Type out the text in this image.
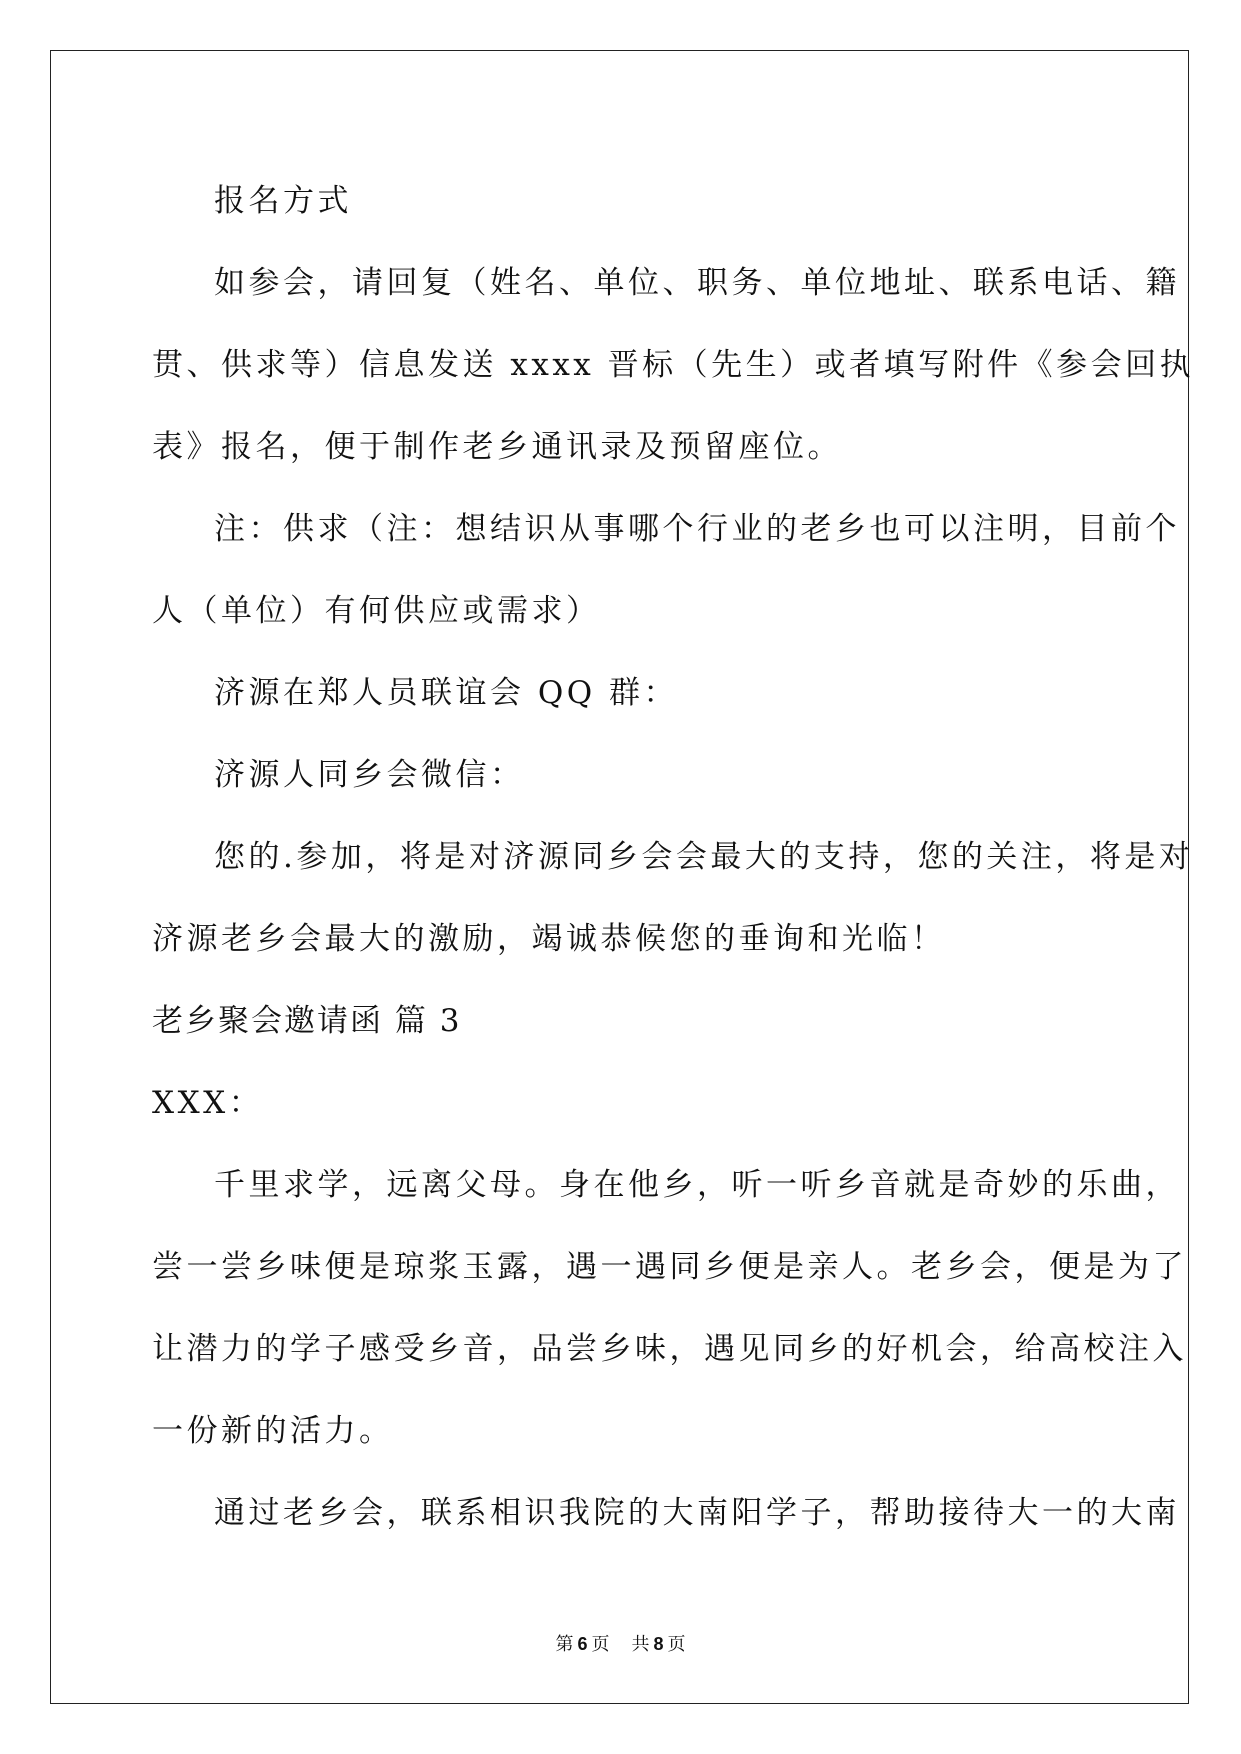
报名方式
如参会，请回复（姓名、单位、职务、单位地址、联系电话、籍
贯、供求等）信息发送 xxxx 晋标（先生）或者填写附件《参会回执
表》报名，便于制作老乡通讯录及预留座位。
注：供求（注：想结识从事哪个行业的老乡也可以注明，目前个
人（单位）有何供应或需求）
济源在郑人员联谊会 QQ 群：
济源人同乡会微信：
您的.参加，将是对济源同乡会会最大的支持，您的关注，将是对
济源老乡会最大的激励，竭诚恭候您的垂询和光临！
老乡聚会邀请函 篇 3
XXX：
千里求学，远离父母。身在他乡，听一听乡音就是奇妙的乐曲，
尝一尝乡味便是琼浆玉露，遇一遇同乡便是亲人。老乡会，便是为了
让潜力的学子感受乡音，品尝乡味，遇见同乡的好机会，给高校注入
一份新的活力。
通过老乡会，联系相识我院的大南阳学子，帮助接待大一的大南
第 6 页 共 8 页
